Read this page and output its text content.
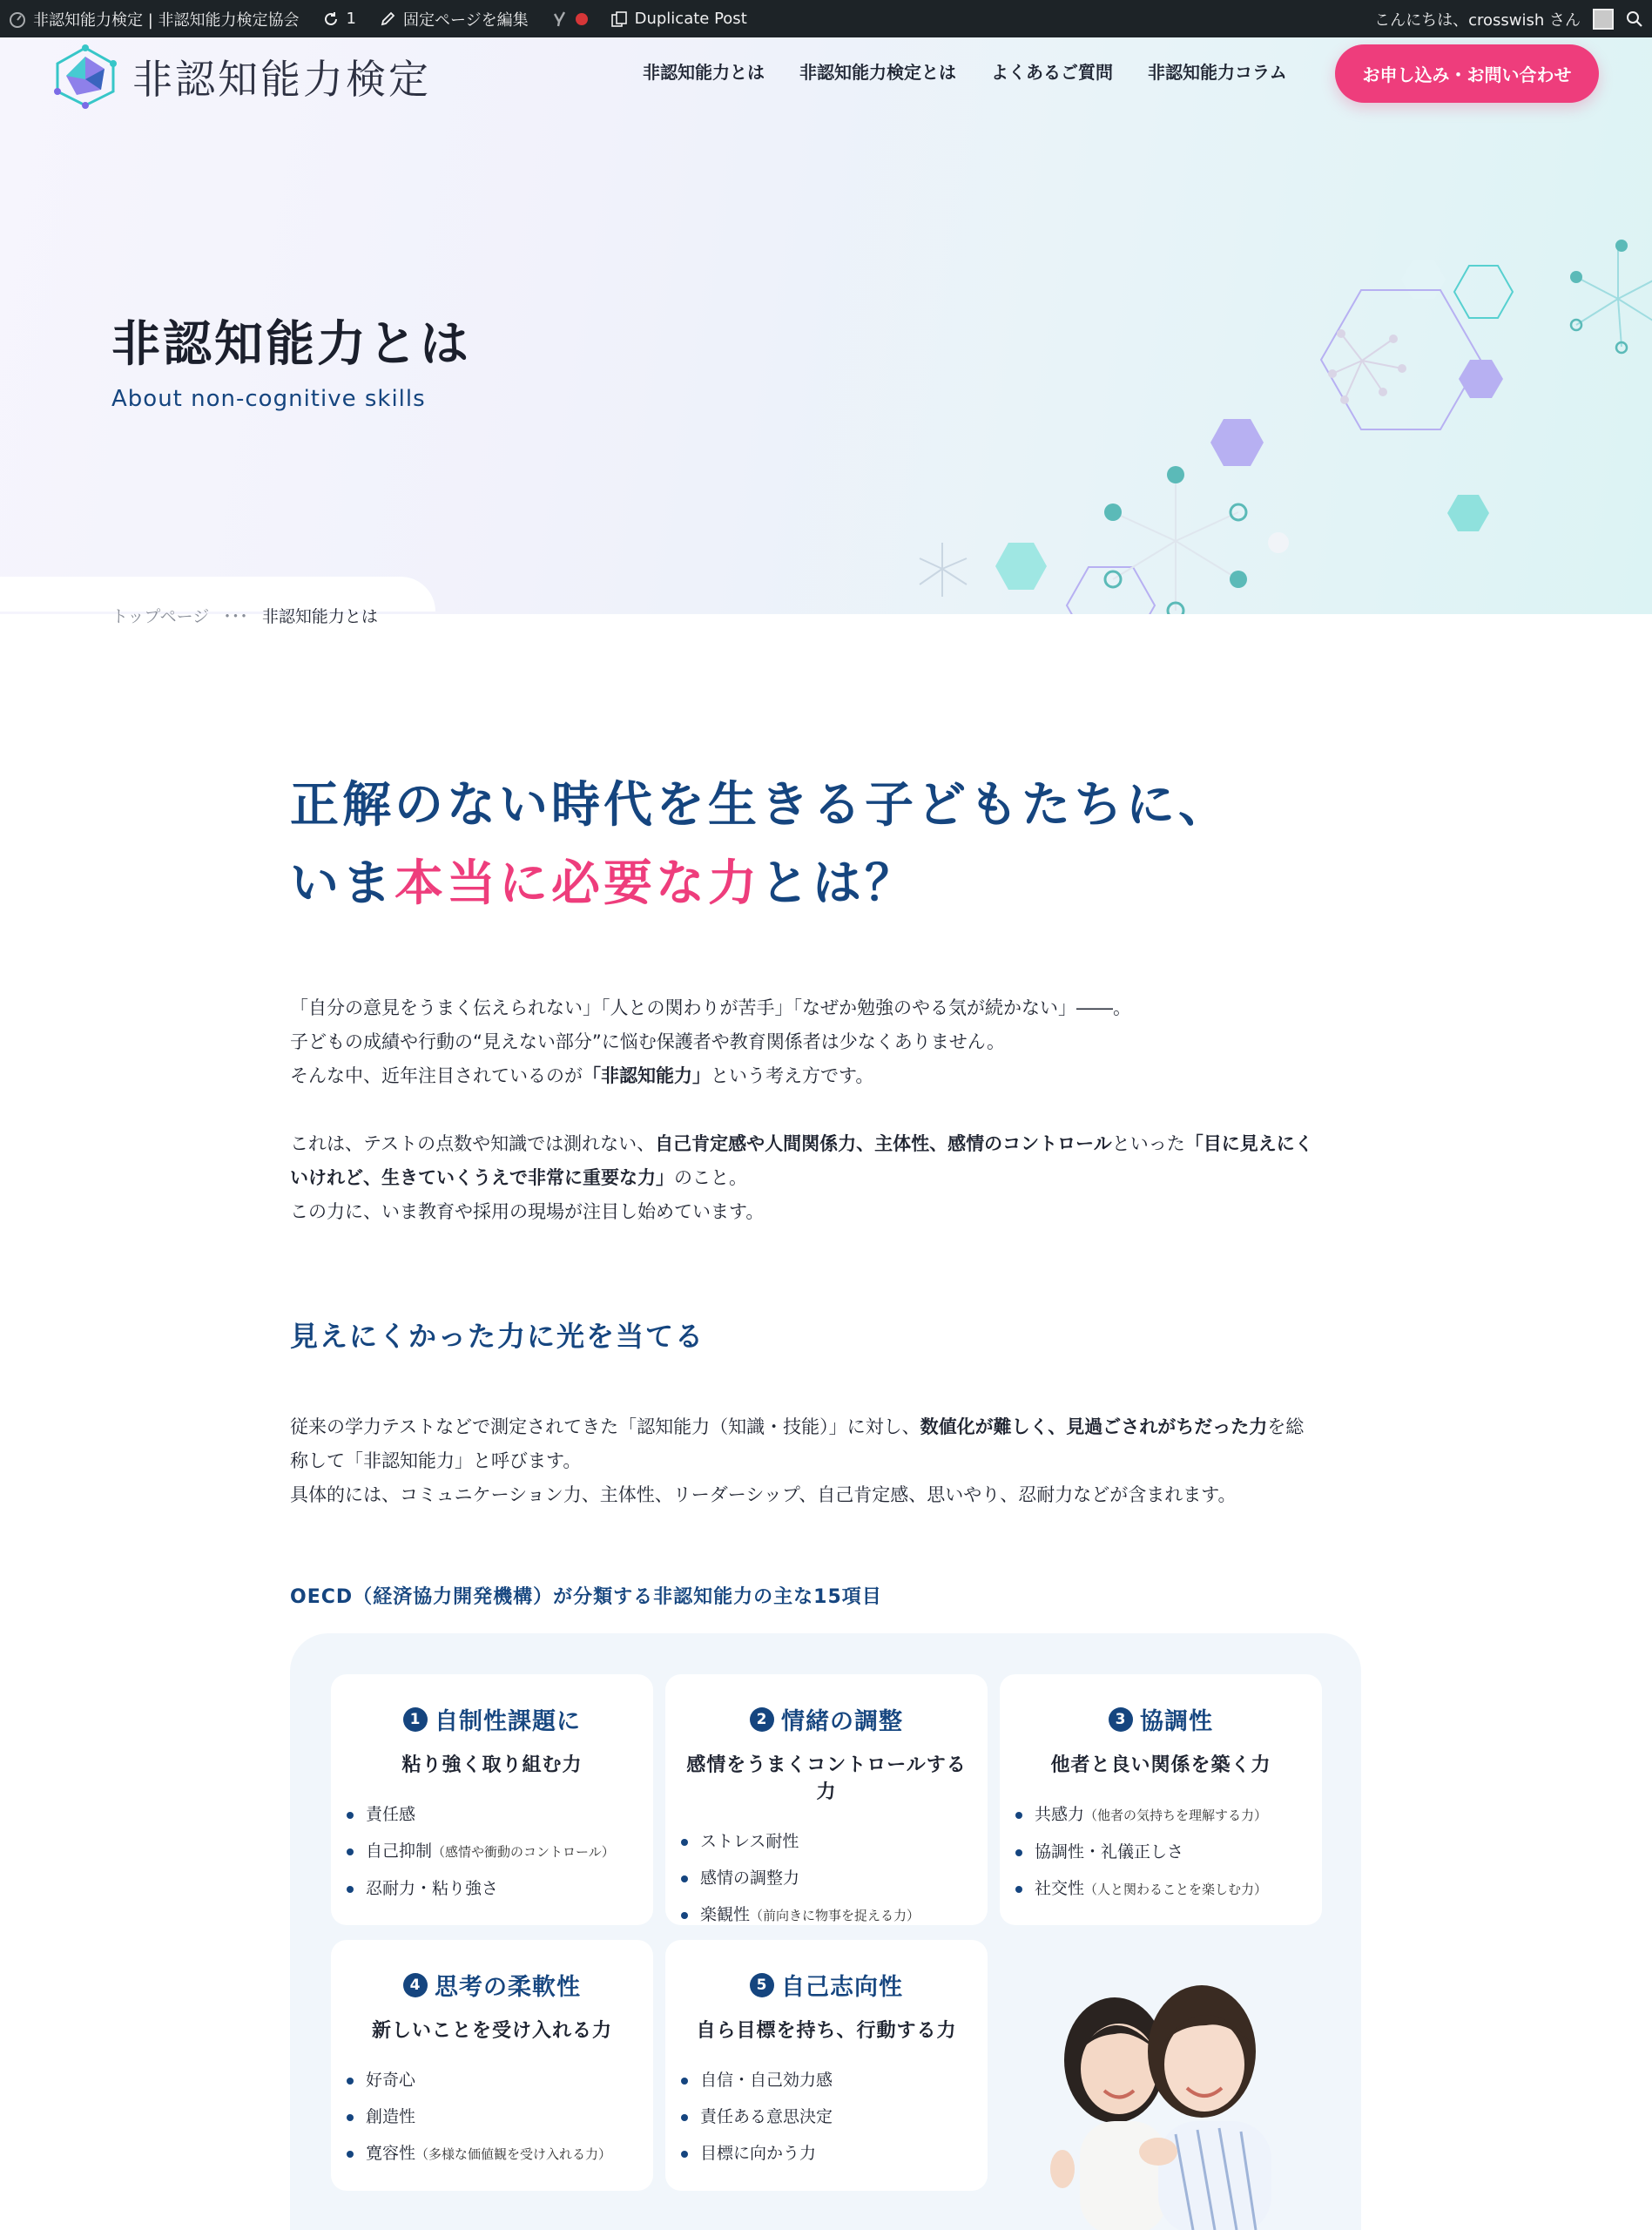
非認知能力検定 | 非認知能力検定協会	1	固定ページを編集	Duplicate Post	こんにちは、crosswish さん
非認知能力検定	非認知能力とは 非認知能力検定とは よくあるご質問 非認知能力コラム	お申し込み・お問い合わせ
非認知能力とは
About non-cognitive skills
トップページ ･･･ 非認知能力とは
正解のない時代を生きる子どもたちに、
いま本当に必要な力とは？
「自分の意見をうまく伝えられない」「人との関わりが苦手」「なぜか勉強のやる気が続かない」――。
子どもの成績や行動の“見えない部分”に悩む保護者や教育関係者は少なくありません。
そんな中、近年注目されているのが「非認知能力」という考え方です。
これは、テストの点数や知識では測れない、自己肯定感や人間関係力、主体性、感情のコントロールといった「目に見えにく
いけれど、生きていくうえで非常に重要な力」のこと。
この力に、いま教育や採用の現場が注目し始めています。
見えにくかった力に光を当てる
従来の学力テストなどで測定されてきた「認知能力（知識・技能）」に対し、数値化が難しく、見過ごされがちだった力を総
称して「非認知能力」と呼びます。
具体的には、コミュニケーション力、主体性、リーダーシップ、自己肯定感、思いやり、忍耐力などが含まれます。
OECD（経済協力開発機構）が分類する非認知能力の主な15項目
1 自制性課題に
粘り強く取り組む力
責任感
自己抑制（感情や衝動のコントロール）
忍耐力・粘り強さ
2 情緒の調整
感情をうまくコントロールする力
ストレス耐性
感情の調整力
楽観性（前向きに物事を捉える力）
3 協調性
他者と良い関係を築く力
共感力（他者の気持ちを理解する力）
協調性・礼儀正しさ
社交性（人と関わることを楽しむ力）
4 思考の柔軟性
新しいことを受け入れる力
好奇心
創造性
寛容性（多様な価値観を受け入れる力）
5 自己志向性
自ら目標を持ち、行動する力
自信・自己効力感
責任ある意思決定
目標に向かう力
